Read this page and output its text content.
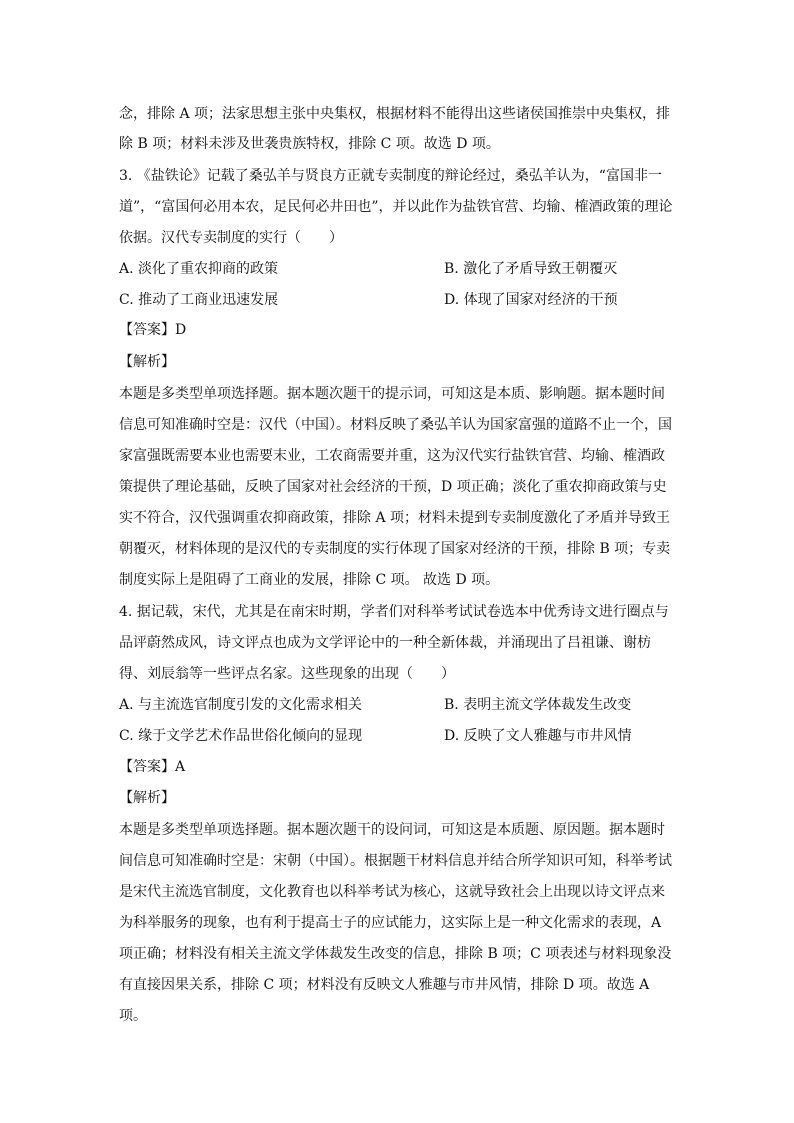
念，排除 A 项；法家思想主张中央集权，根据材料不能得出这些诸侯国推崇中央集权，排
除 B 项；材料未涉及世袭贵族特权，排除 C 项。故选 D 项。
3. 《盐铁论》记载了桑弘羊与贤良方正就专卖制度的辩论经过，桑弘羊认为，“富国非一
道”，“富国何必用本农，足民何必井田也”，并以此作为盐铁官营、均输、榷酒政策的理论
依据。汉代专卖制度的实行（　　）
A. 淡化了重农抑商的政策	B. 激化了矛盾导致王朝覆灭
C. 推动了工商业迅速发展	D. 体现了国家对经济的干预
【答案】D
【解析】
本题是多类型单项选择题。据本题次题干的提示词，可知这是本质、影响题。据本题时间
信息可知准确时空是：汉代（中国）。材料反映了桑弘羊认为国家富强的道路不止一个，国
家富强既需要本业也需要末业，工农商需要并重，这为汉代实行盐铁官营、均输、榷酒政
策提供了理论基础，反映了国家对社会经济的干预，D 项正确；淡化了重农抑商政策与史
实不符合，汉代强调重农抑商政策，排除 A 项；材料未提到专卖制度激化了矛盾并导致王
朝覆灭，材料体现的是汉代的专卖制度的实行体现了国家对经济的干预，排除 B 项；专卖
制度实际上是阻碍了工商业的发展，排除 C 项。 故选 D 项。
4. 据记载，宋代，尤其是在南宋时期，学者们对科举考试试卷选本中优秀诗文进行圈点与
品评蔚然成风，诗文评点也成为文学评论中的一种全新体裁，并涌现出了吕祖谦、谢枋
得、刘辰翁等一些评点名家。这些现象的出现（　　）
A. 与主流选官制度引发的文化需求相关	B. 表明主流文学体裁发生改变
C. 缘于文学艺术作品世俗化倾向的显现	D. 反映了文人雅趣与市井风情
【答案】A
【解析】
本题是多类型单项选择题。据本题次题干的设问词，可知这是本质题、原因题。据本题时
间信息可知准确时空是：宋朝（中国）。根据题干材料信息并结合所学知识可知，科举考试
是宋代主流选官制度，文化教育也以科举考试为核心，这就导致社会上出现以诗文评点来
为科举服务的现象，也有利于提高士子的应试能力，这实际上是一种文化需求的表现，A
项正确；材料没有相关主流文学体裁发生改变的信息，排除 B 项；C 项表述与材料现象没
有直接因果关系，排除 C 项；材料没有反映文人雅趣与市井风情，排除 D 项。故选 A
项。
